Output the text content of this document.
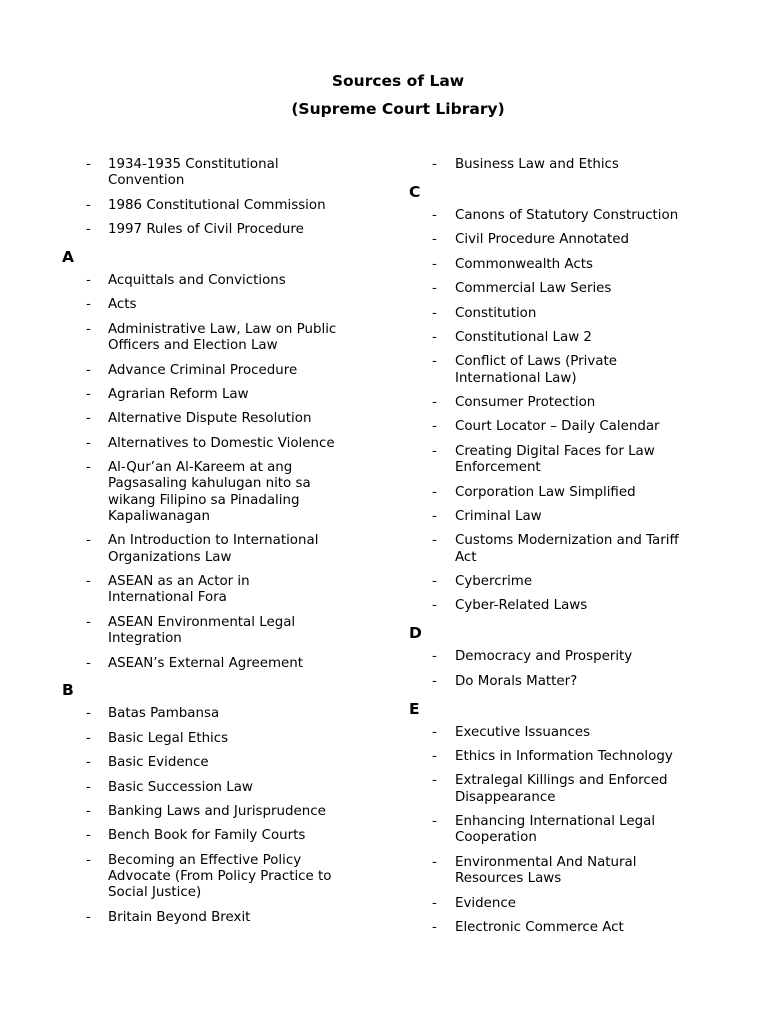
Sources of Law
(Supreme Court Library)
- 1934-1935 Constitutional
Convention
- 1986 Constitutional Commission
- 1997 Rules of Civil Procedure
A
- Acquittals and Convictions
- Acts
- Administrative Law, Law on Public
Officers and Election Law
- Advance Criminal Procedure
- Agrarian Reform Law
- Alternative Dispute Resolution
- Alternatives to Domestic Violence
- Al-Qur’an Al-Kareem at ang
Pagsasaling kahulugan nito sa
wikang Filipino sa Pinadaling
Kapaliwanagan
- An Introduction to International
Organizations Law
- ASEAN as an Actor in
International Fora
- ASEAN Environmental Legal
Integration
- ASEAN’s External Agreement
B
- Batas Pambansa
- Basic Legal Ethics
- Basic Evidence
- Basic Succession Law
- Banking Laws and Jurisprudence
- Bench Book for Family Courts
- Becoming an Effective Policy
Advocate (From Policy Practice to
Social Justice)
- Britain Beyond Brexit
- Business Law and Ethics
C
- Canons of Statutory Construction
- Civil Procedure Annotated
- Commonwealth Acts
- Commercial Law Series
- Constitution
- Constitutional Law 2
- Conflict of Laws (Private
International Law)
- Consumer Protection
- Court Locator – Daily Calendar
- Creating Digital Faces for Law
Enforcement
- Corporation Law Simplified
- Criminal Law
- Customs Modernization and Tariff
Act
- Cybercrime
- Cyber-Related Laws
D
- Democracy and Prosperity
- Do Morals Matter?
E
- Executive Issuances
- Ethics in Information Technology
- Extralegal Killings and Enforced
Disappearance
- Enhancing International Legal
Cooperation
- Environmental And Natural
Resources Laws
- Evidence
- Electronic Commerce Act
